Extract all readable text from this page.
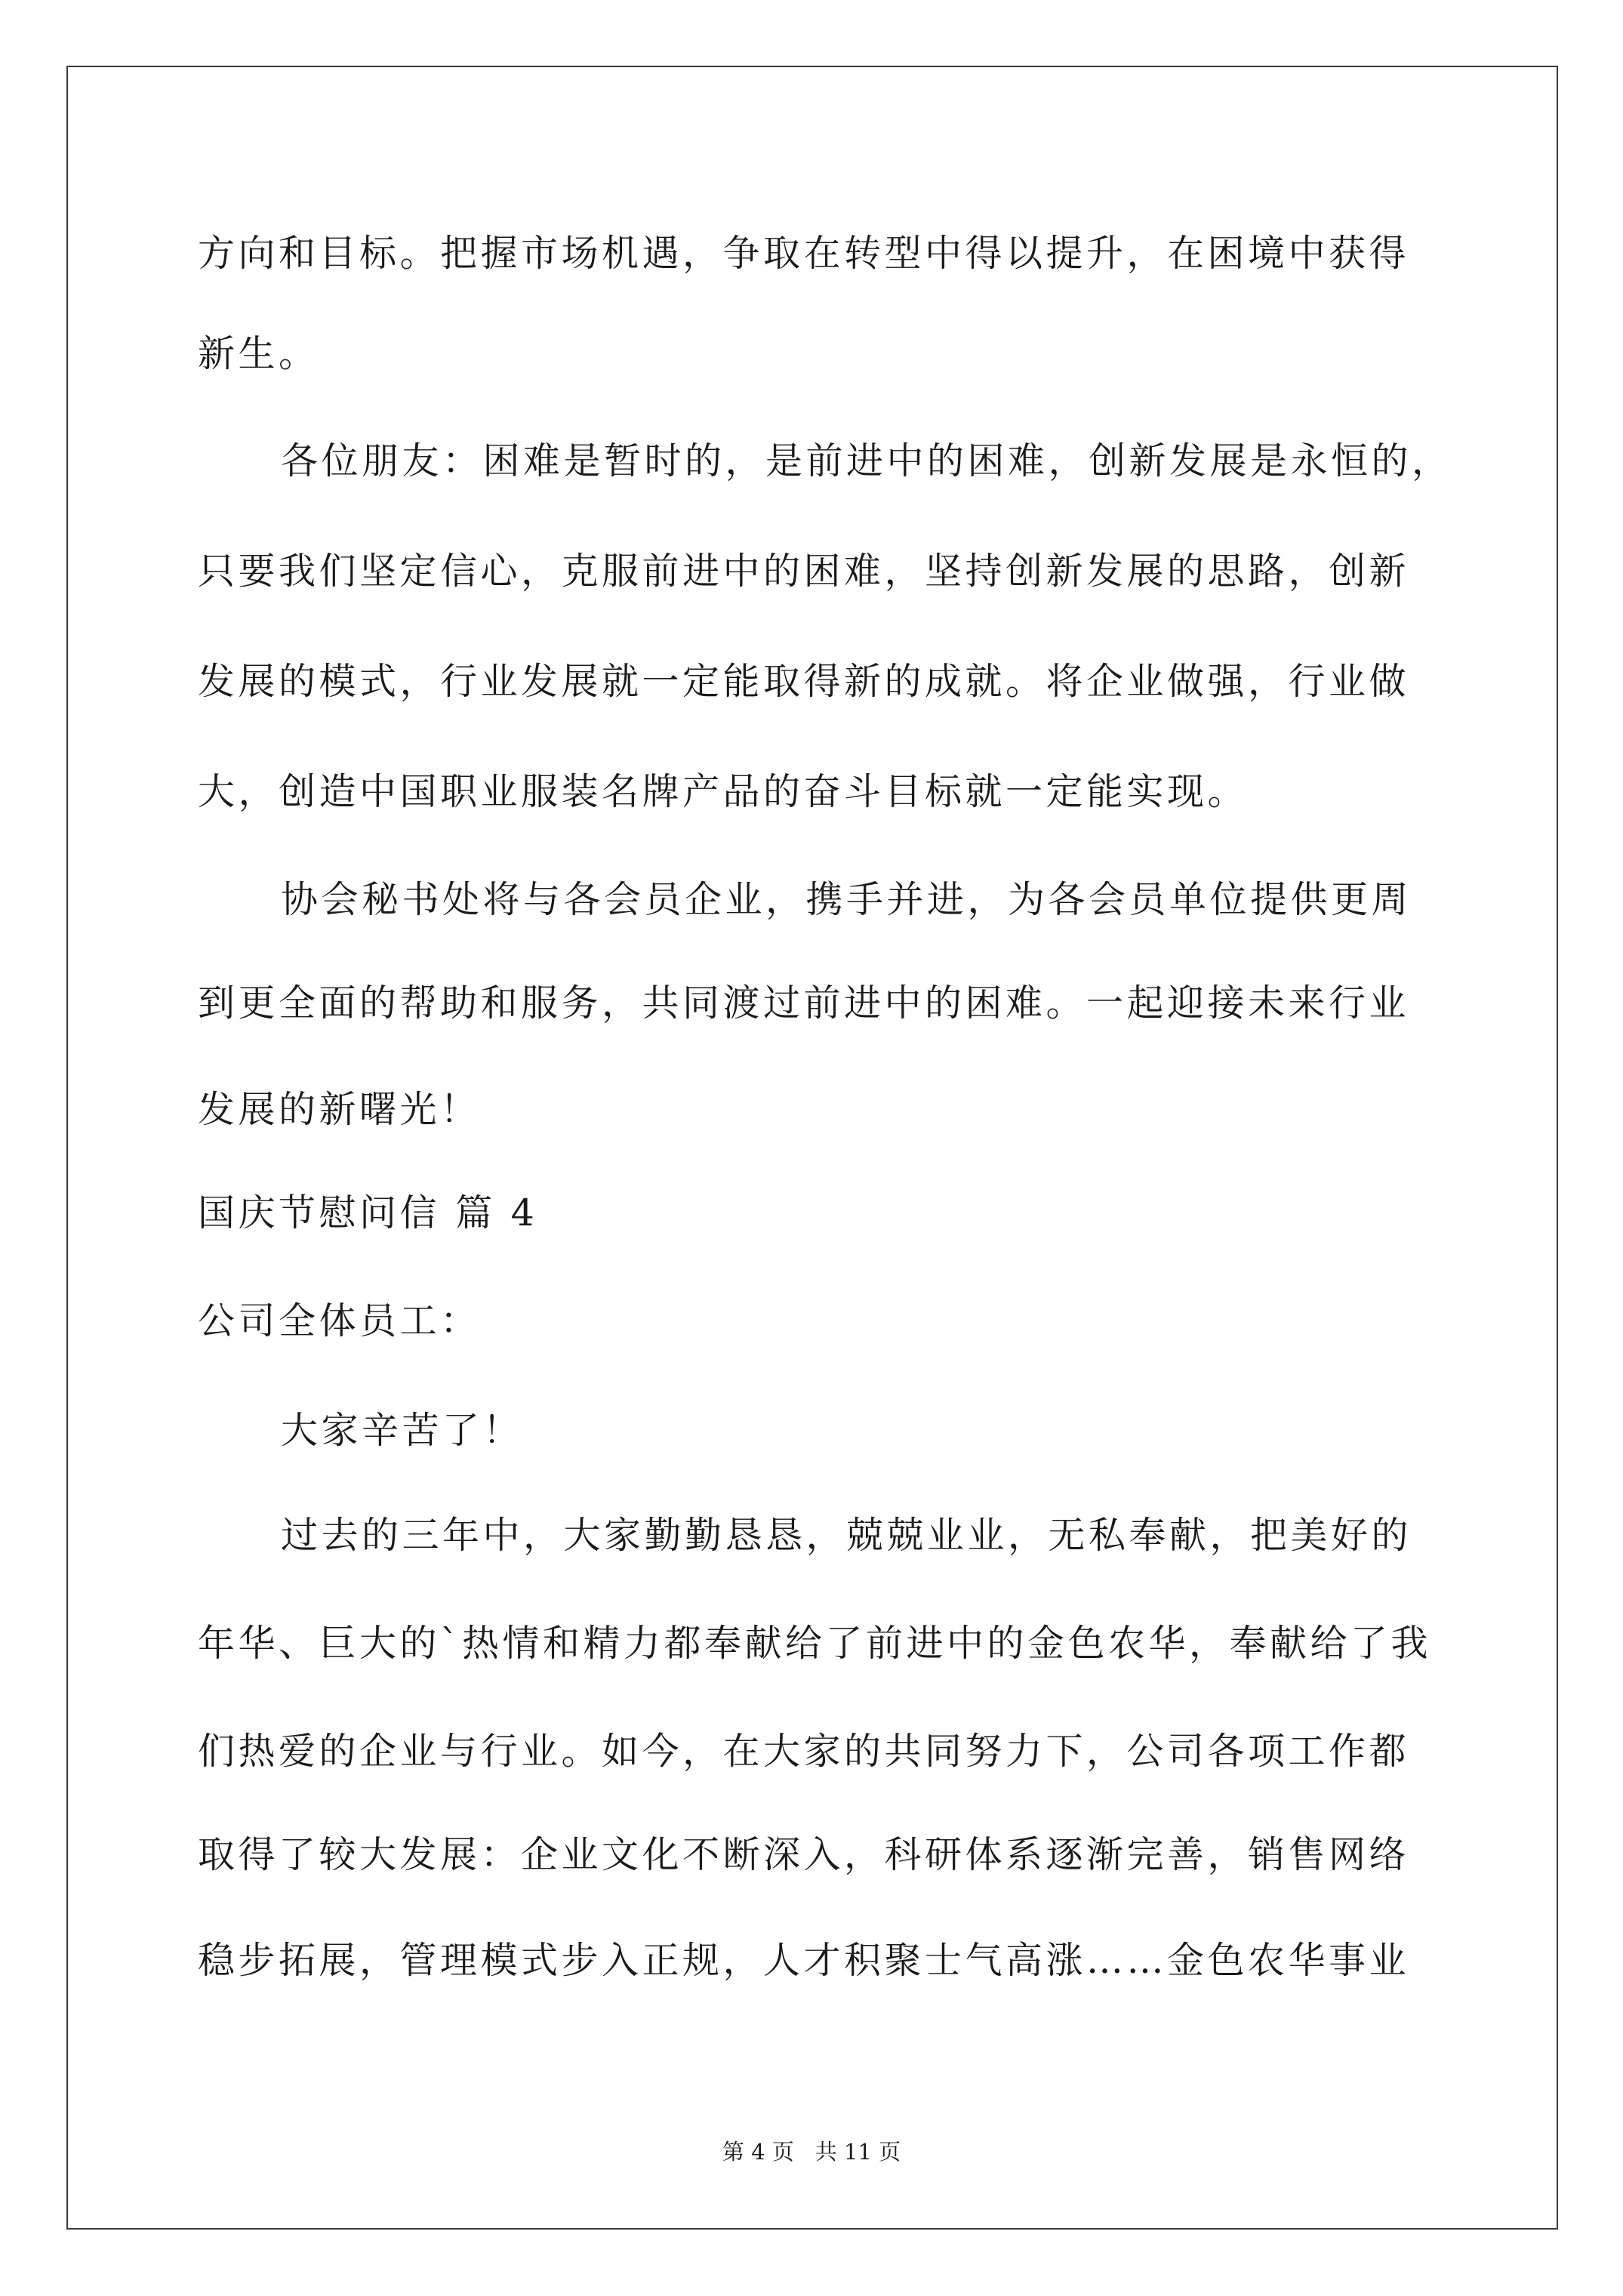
方向和目标。把握市场机遇，争取在转型中得以提升，在困境中获得
新生。
各位朋友：困难是暂时的，是前进中的困难，创新发展是永恒的，
只要我们坚定信心，克服前进中的困难，坚持创新发展的思路，创新
发展的模式，行业发展就一定能取得新的成就。将企业做强，行业做
大，创造中国职业服装名牌产品的奋斗目标就一定能实现。
协会秘书处将与各会员企业，携手并进，为各会员单位提供更周
到更全面的帮助和服务，共同渡过前进中的困难。一起迎接未来行业
发展的新曙光！
国庆节慰问信 篇 4
公司全体员工：
大家辛苦了！
过去的三年中，大家勤勤恳恳，兢兢业业，无私奉献，把美好的
年华、巨大的`热情和精力都奉献给了前进中的金色农华，奉献给了我
们热爱的企业与行业。如今，在大家的共同努力下，公司各项工作都
取得了较大发展：企业文化不断深入，科研体系逐渐完善，销售网络
稳步拓展，管理模式步入正规，人才积聚士气高涨……金色农华事业
第 4 页 共 11 页
